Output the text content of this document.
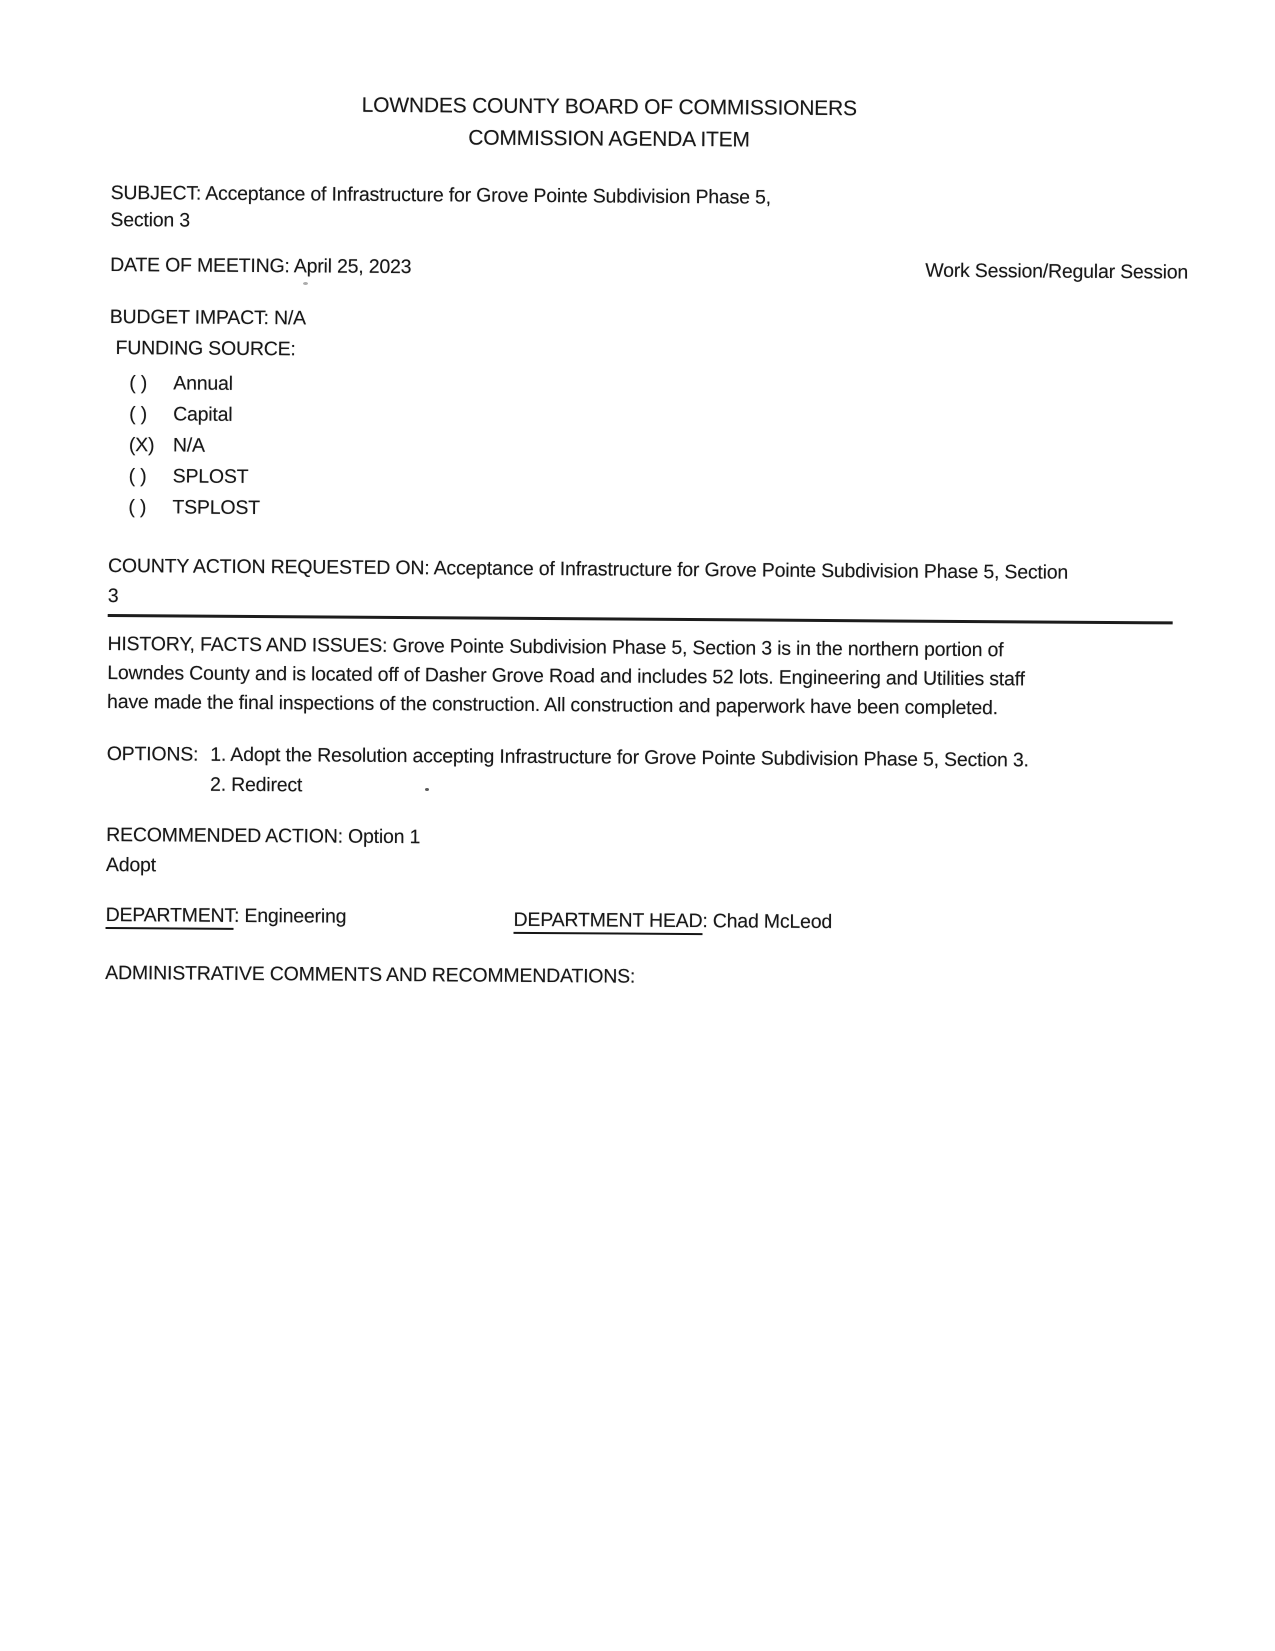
LOWNDES COUNTY BOARD OF COMMISSIONERS
COMMISSION AGENDA ITEM
SUBJECT: Acceptance of Infrastructure for Grove Pointe Subdivision Phase 5,
Section 3
DATE OF MEETING: April 25, 2023	Work Session/Regular Session
BUDGET IMPACT: N/A
FUNDING SOURCE:
( ) Annual
( ) Capital
(X) N/A
( ) SPLOST
( ) TSPLOST
COUNTY ACTION REQUESTED ON: Acceptance of Infrastructure for Grove Pointe Subdivision Phase 5, Section
3
HISTORY, FACTS AND ISSUES: Grove Pointe Subdivision Phase 5, Section 3 is in the northern portion of
Lowndes County and is located off of Dasher Grove Road and includes 52 lots. Engineering and Utilities staff
have made the final inspections of the construction. All construction and paperwork have been completed.
OPTIONS: 1. Adopt the Resolution accepting Infrastructure for Grove Pointe Subdivision Phase 5, Section 3.
2. Redirect
RECOMMENDED ACTION: Option 1
Adopt
DEPARTMENT: Engineering	DEPARTMENT HEAD: Chad McLeod
ADMINISTRATIVE COMMENTS AND RECOMMENDATIONS:
